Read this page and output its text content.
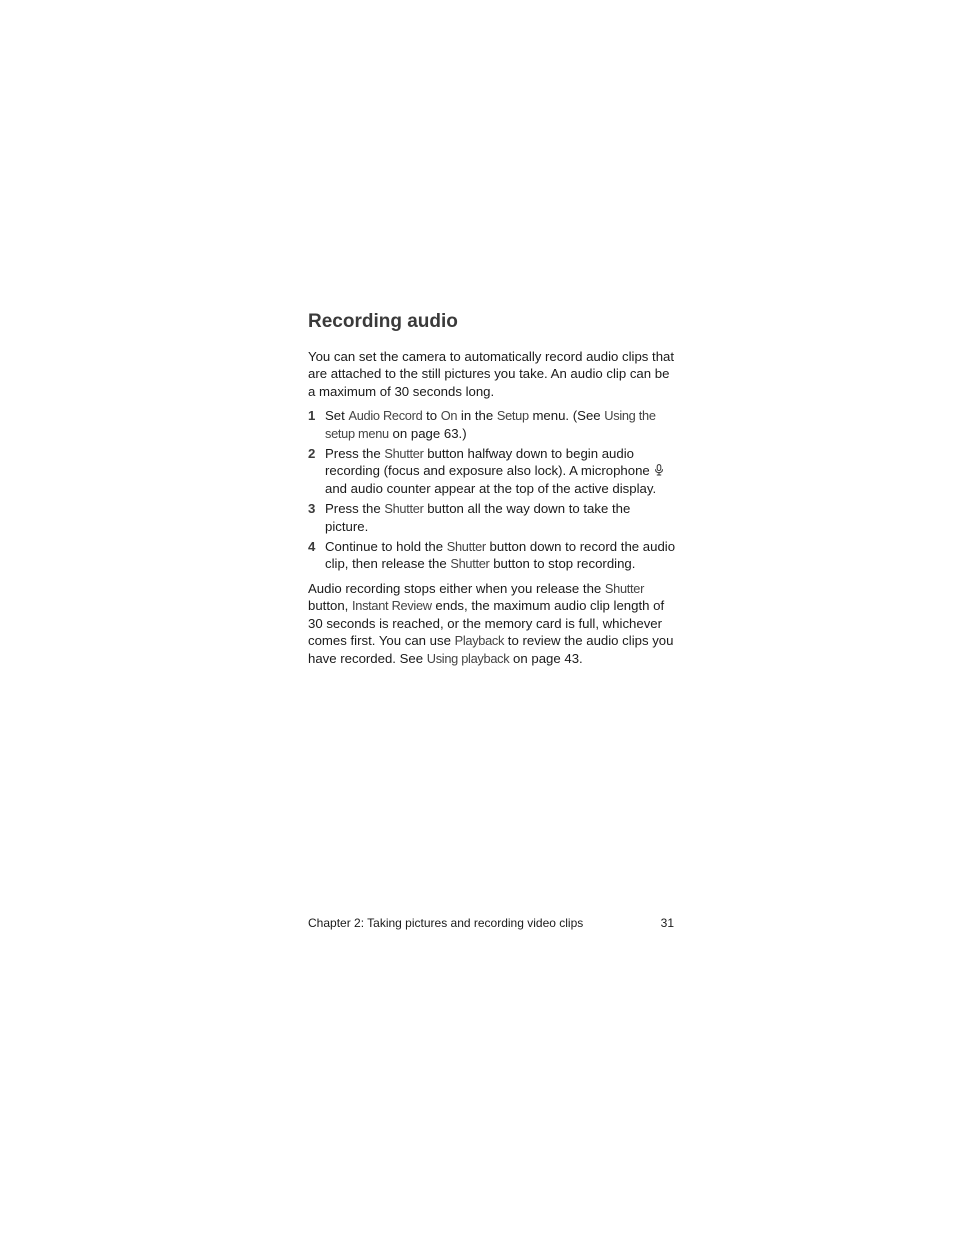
Recording audio

You can set the camera to automatically record audio clips that are attached to the still pictures you take. An audio clip can be a maximum of 30 seconds long.

1 Set Audio Record to On in the Setup menu. (See Using the setup menu on page 63.)
2 Press the Shutter button halfway down to begin audio recording (focus and exposure also lock). A microphone
and audio counter appear at the top of the active display.
3 Press the Shutter button all the way down to take the picture.
4 Continue to hold the Shutter button down to record the audio clip, then release the Shutter button to stop recording.

Audio recording stops either when you release the Shutter button, Instant Review ends, the maximum audio clip length of 30 seconds is reached, or the memory card is full, whichever comes first. You can use Playback to review the audio clips you have recorded. See Using playback on page 43.

Chapter 2: Taking pictures and recording video clips	31
